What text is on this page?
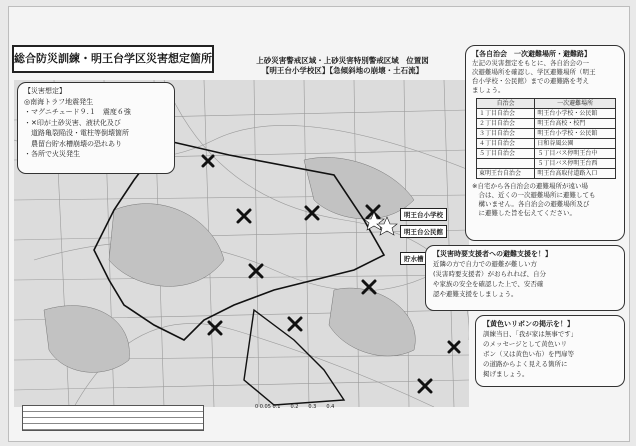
総合防災訓練・明王台学区災害想定箇所	上砂災害警戒区域・上砂災害特別警戒区域　位置図
【明王台小学校区】【急傾斜地の崩壊・土石流】
明王台小学校
明王台公民館
貯水槽
【災害想定】
◎南海トラフ地震発生
・マグニチュード９.１　震度６強
・✕印が土砂災害、液状化及び
　道路亀裂陥没・電柱等倒壊箇所
　農留台貯水槽崩壊の恐れあり
・各所で火災発生
【各自治会　一次避難場所・避難路】
左記の災害想定をもとに、各自治会の一
次避難場所を確認し、学区避難場所（明王
台小学校・公民館）までの避難路を考え
ましょう。
自治会	一次避難場所
１丁目自治会	明王台小学校・公民館
２丁目自治会	明王台高校・校門
３丁目自治会	明王台小学校・公民館
４丁目自治会	日和谷風公園
５丁目自治会	５丁目バス停明王台中
	５丁目バス停明王台西
東明王台自治会	明王台高取付道路入口
※自宅から各自治会の避難場所が遠い場
　合は、近くの一次避難場所に避難しても
　構いません。各自治会の避難場所及び
　に避難した旨を伝えてください。
【災害時要支援者への避難支援を！】
近隣の方で自力での避難が難しい方
(災害時要支援者）がおられれば、自分
や家族の安全を確認した上で、安否確
認や避難支援をしましょう。
【黄色いリボンの掲示を！】
訓練当日、「我が家は無事です」
のメッセージとして黄色いリ
ボン（又は黄色い布）を門扉等
の道路からよく見える箇所に
掲げましょう。
0 0.05 0.1　　0.2　　0.3　　0.4
